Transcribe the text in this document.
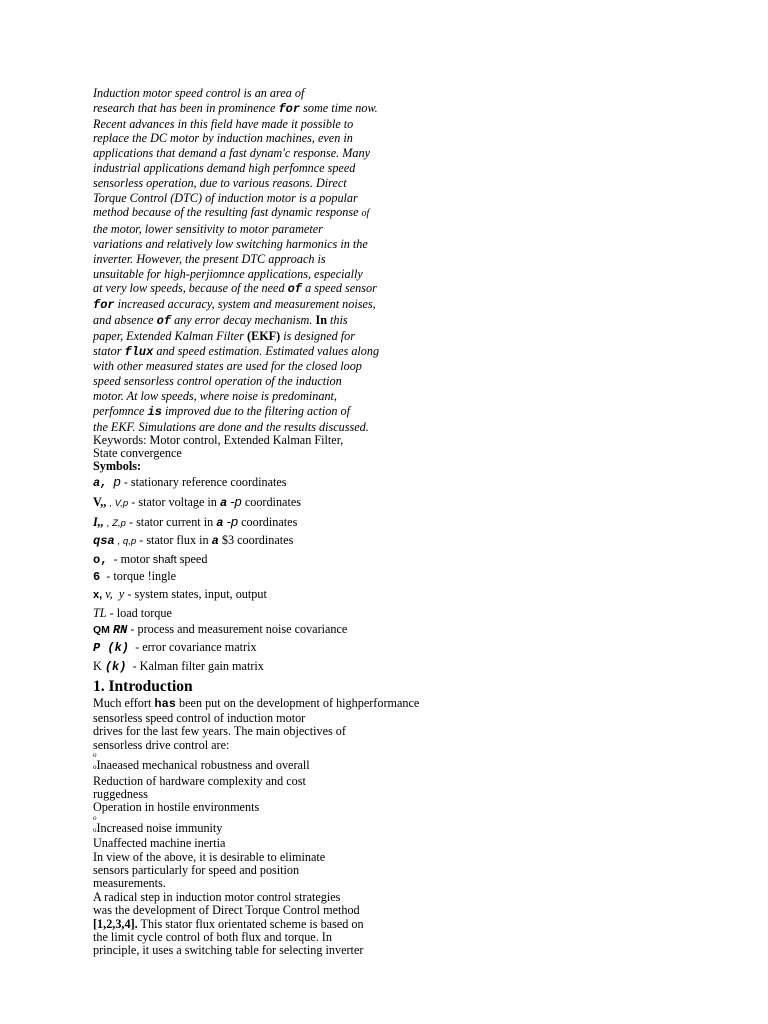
Induction motor speed control is an area of
research that has been in prominence for some time now.
Recent advances in this field have made it possible to
replace the DC motor by induction machines, even in
applications that demand a fast dynam'c response. Many
industrial applications demand high perfomnce speed
sensorless operation, due to various reasons. Direct
Torque Control (DTC) of induction motor is a popular
method because of the resulting fast dynamic response of
the motor, lower sensitivity to motor parameter
variations and relatively low switching harmonics in the
inverter. However, the present DTC approach is
unsuitable for high-perjiomnce applications, especially
at very low speeds, because of the need of a speed sensor
for increased accuracy, system and measurement noises,
and absence of any error decay mechanism. In this
paper, Extended Kalman Filter (EKF) is designed for
stator flux and speed estimation. Estimated values along
with other measured states are used for the closed loop
speed sensorless control operation of the induction
motor. At low speeds, where noise is predominant,
perfomnce is improved due to the filtering action of
the EKF. Simulations are done and the results discussed.
Keywords: Motor control, Extended Kalman Filter,
State convergence
Symbols:
a, p - stationary reference coordinates
V,, , V,p - stator voltage in a -p coordinates
I,, , Z,p - stator current in a -p coordinates
qsa , q,p - stator flux in a $3 coordinates
o, - motor shaft speed
6 - torque !ingle
x, v, y - system states, input, output
TL - load torque
QM RN - process and measurement noise covariance
P (k) - error covariance matrix
K (k) - Kalman filter gain matrix
1. Introduction
Much effort has been put on the development of highperformance
sensorless speed control of induction motor
drives for the last few years. The main objectives of
sensorless drive control are:
o
oInaeased mechanical robustness and overall
Reduction of hardware complexity and cost
ruggedness
Operation in hostile environments
o
oIncreased noise immunity
Unaffected machine inertia
In view of the above, it is desirable to eliminate
sensors particularly for speed and position
measurements.
A radical step in induction motor control strategies
was the development of Direct Torque Control method
[1,2,3,4]. This stator flux orientated scheme is based on
the limit cycle control of both flux and torque. In
principle, it uses a switching table for selecting inverter
